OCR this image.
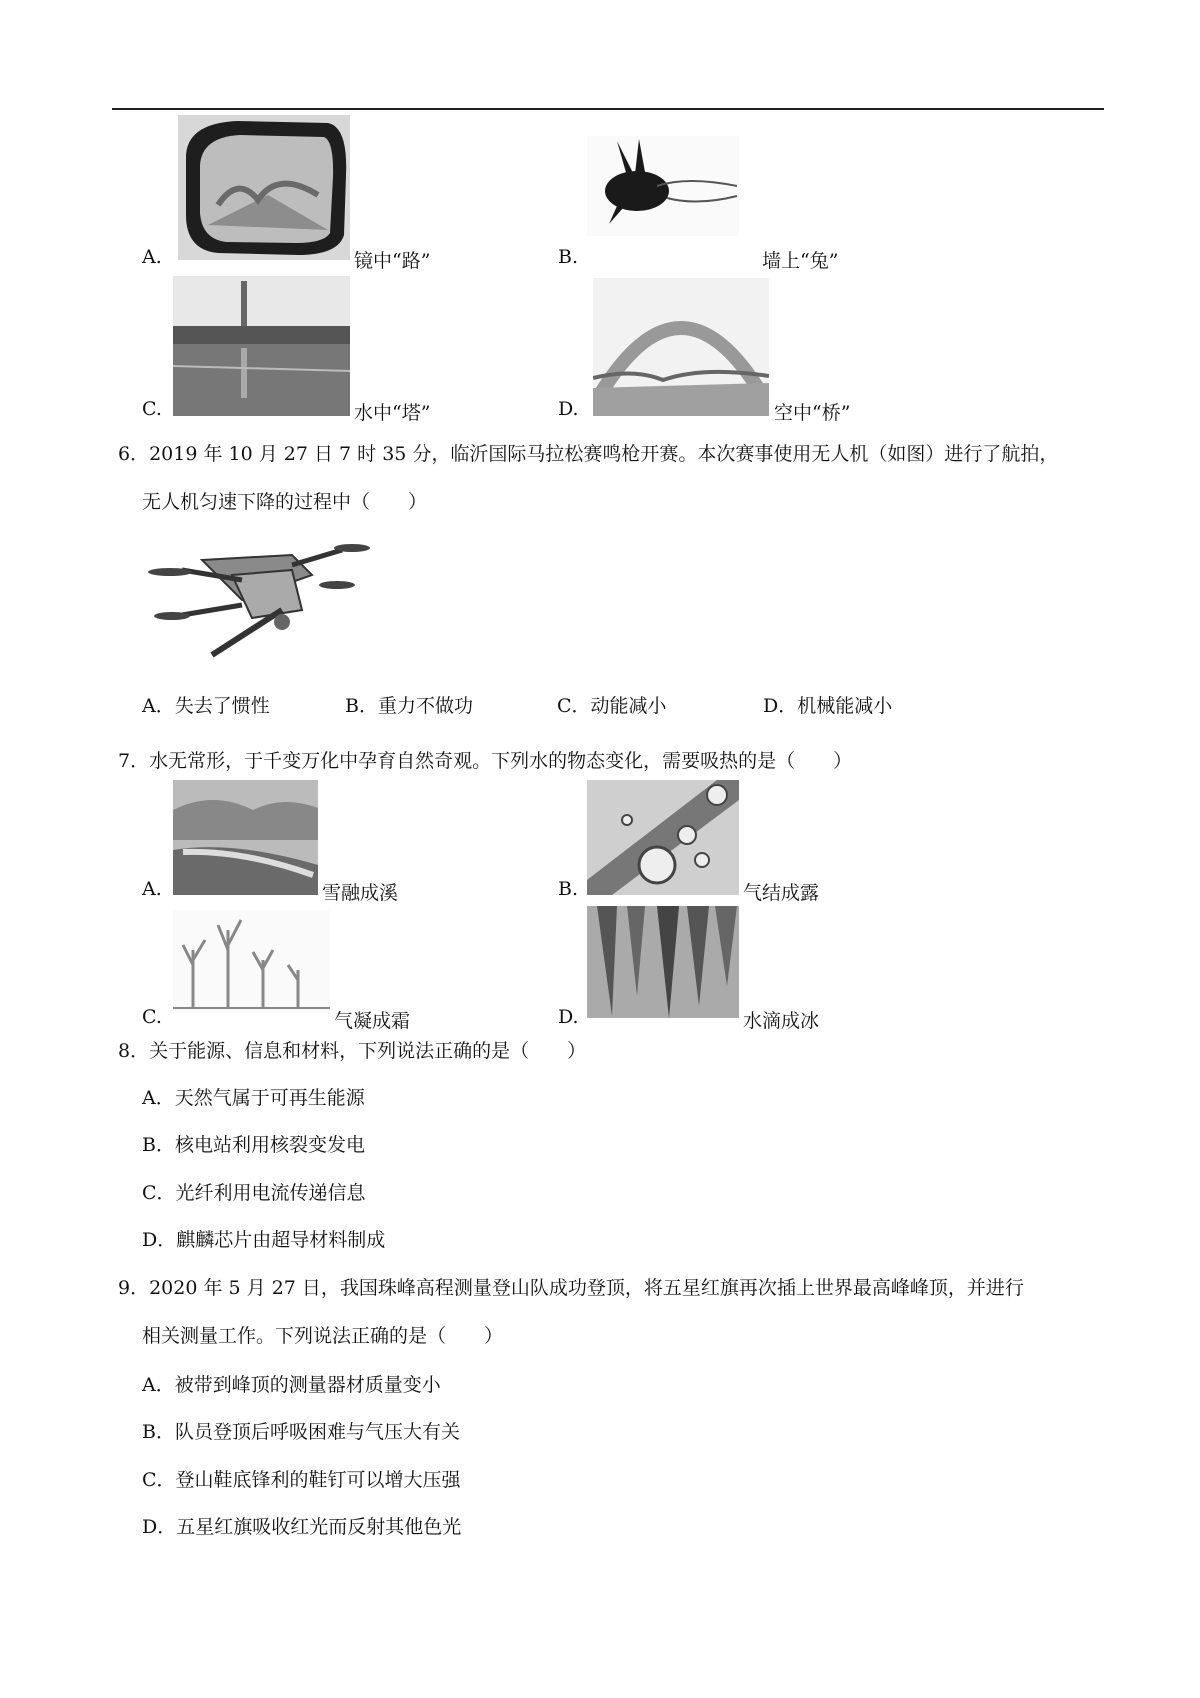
A.	镜中“路”	B.	墙上“兔”
C.	水中“塔”	D.	空中“桥”
6．2019 年 10 月 27 日 7 时 35 分，临沂国际马拉松赛鸣枪开赛。本次赛事使用无人机（如图）进行了航拍，
无人机匀速下降的过程中（　　）
A．失去了惯性	B．重力不做功	C．动能减小	D．机械能减小
7．水无常形，于千变万化中孕育自然奇观。下列水的物态变化，需要吸热的是（　　）
A.	雪融成溪	B.	气结成露
C.	气凝成霜	D.	水滴成冰
8．关于能源、信息和材料，下列说法正确的是（　　）
A．天然气属于可再生能源
B．核电站利用核裂变发电
C．光纤利用电流传递信息
D．麒麟芯片由超导材料制成
9．2020 年 5 月 27 日，我国珠峰高程测量登山队成功登顶，将五星红旗再次插上世界最高峰峰顶，并进行
相关测量工作。下列说法正确的是（　　）
A．被带到峰顶的测量器材质量变小
B．队员登顶后呼吸困难与气压大有关
C．登山鞋底锋利的鞋钉可以增大压强
D．五星红旗吸收红光而反射其他色光
